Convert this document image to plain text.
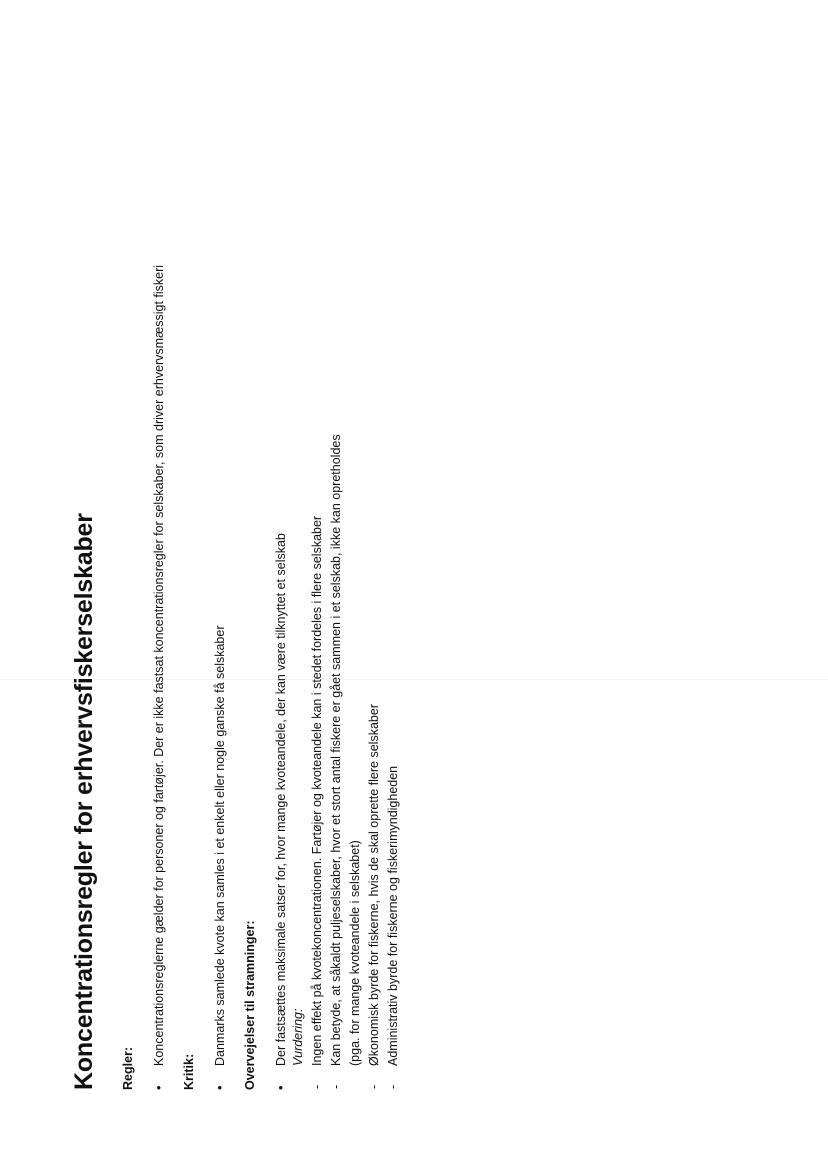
Koncentrationsregler for erhvervsfiskerselskaber Regler: •
Koncentrationsreglerne gælder for personer og fartøjer. Der er ikke fastsat koncentrationsregler for selskaber, som driver erhvervsmæssigt fiskeri
Kritik: •
Danmarks samlede kvote kan samles i et enkelt eller nogle ganske få selskaber Overvejelser til stramninger: •
Der fastsættes maksimale satser for, hvor mange kvoteandele, der kan være tilknyttet et selskab Vurdering:
-
Ingen effekt på kvotekoncentrationen. Fartøjer og kvoteandele kan i stedet fordeles i flere selskaber
-
Kan betyde, at såkaldt puljeselskaber, hvor et stort antal fiskere er gået sammen i et selskab, ikke kan opretholdes (pga. for mange kvoteandele i selskabet)
-
Økonomisk byrde for fiskerne, hvis de skal oprette flere selskaber
-
Administrativ byrde for fiskerne og fiskerimyndigheden
